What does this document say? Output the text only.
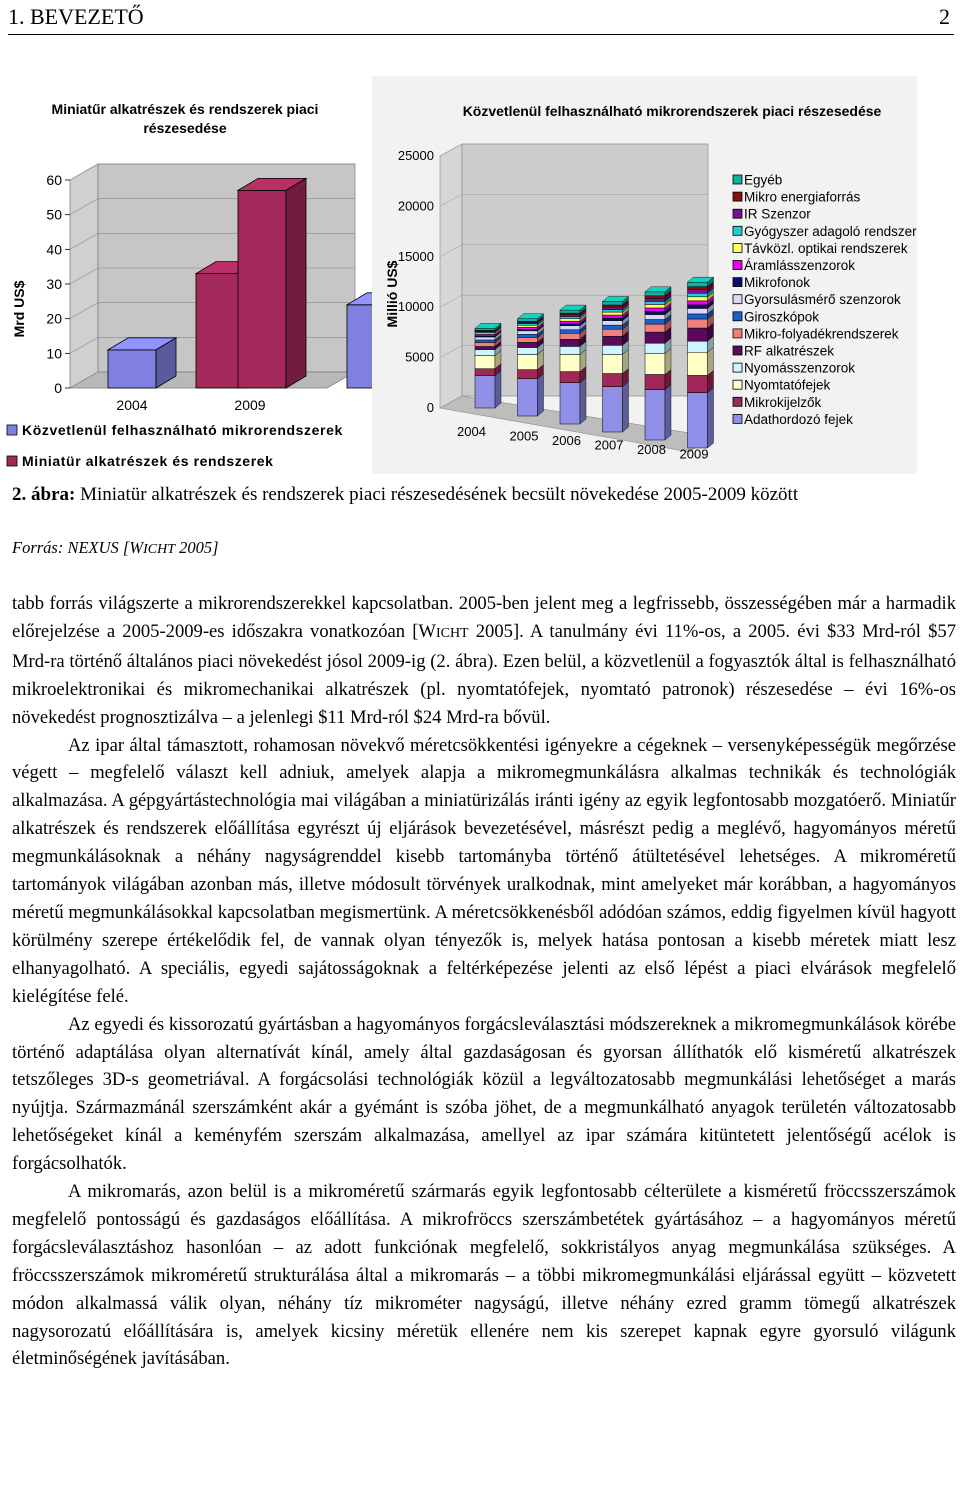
1. BEVEZETŐ	2
Miniatűr alkatrészek és rendszerek piaci
részesedése
Mrd US$
0
10
20
30
40
50
60
2004	2009
Közvetlenül felhasználható mikrorendszerek
Miniatür alkatrészek és rendszerek
Közvetlenül felhasználható mikrorendszerek piaci részesedése
Millió US$
0
5000
10000
15000
20000
25000
2004 2005 2006 2007 2008 2009
Egyéb
Mikro energiaforrás
IR Szenzor
Gyógyszer adagoló rendszer
Távközl. optikai rendszerek
Áramlásszenzorok
Mikrofonok
Gyorsulásmérő szenzorok
Giroszkópok
Mikro-folyadékrendszerek
RF alkatrészek
Nyomásszenzorok
Nyomtatófejek
Mikrokijelzők
Adathordozó fejek
2. ábra: Miniatür alkatrészek és rendszerek piaci részesedésének becsült növekedése 2005-2009 között
Forrás: NEXUS [WICHT 2005]

tabb forrás világszerte a mikrorendszerekkel kapcsolatban. 2005-ben jelent meg a legfrissebb, összességében már a harmadik előrejelzése a 2005-2009-es időszakra vonatkozóan [WICHT 2005]. A tanulmány évi 11%-os, a 2005. évi $33 Mrd-ról $57 Mrd-ra történő általános piaci növekedést jósol 2009-ig (2. ábra). Ezen belül, a közvetlenül a fogyasztók által is felhasználható mikroelektronikai és mikromechanikai alkatrészek (pl. nyomtatófejek, nyomtató patronok) részesedése – évi 16%-os növekedést prognosztizálva – a jelenlegi $11 Mrd-ról $24 Mrd-ra bővül.

Az ipar által támasztott, rohamosan növekvő méretcsökkentési igényekre a cégeknek – versenyképességük megőrzése végett – megfelelő választ kell adniuk, amelyek alapja a mikromegmunkálásra alkalmas technikák és technológiák alkalmazása. A gépgyártástechnológia mai világában a miniatürizálás iránti igény az egyik legfontosabb mozgatóerő. Miniatűr alkatrészek és rendszerek előállítása egyrészt új eljárások bevezetésével, másrészt pedig a meglévő, hagyományos méretű megmunkálásoknak a néhány nagyságrenddel kisebb tartományba történő átültetésével lehetséges. A mikroméretű tartományok világában azonban más, illetve módosult törvények uralkodnak, mint amelyeket már korábban, a hagyományos méretű megmunkálásokkal kapcsolatban megismertünk. A méretcsökkenésből adódóan számos, eddig figyelmen kívül hagyott körülmény szerepe értékelődik fel, de vannak olyan tényezők is, melyek hatása pontosan a kisebb méretek miatt lesz elhanyagolható. A speciális, egyedi sajátosságoknak a feltérképezése jelenti az első lépést a piaci elvárások megfelelő kielégítése felé.

Az egyedi és kissorozatú gyártásban a hagyományos forgácsleválasztási módszereknek a mikromegmunkálások körébe történő adaptálása olyan alternatívát kínál, amely által gazdaságosan és gyorsan állíthatók elő kisméretű alkatrészek tetszőleges 3D-s geometriával. A forgácsolási technológiák közül a legváltozatosabb megmunkálási lehetőséget a marás nyújtja. Származmánál szerszámként akár a gyémánt is szóba jöhet, de a megmunkálható anyagok területén változatosabb lehetőségeket kínál a keményfém szerszám alkalmazása, amellyel az ipar számára kitüntetett jelentőségű acélok is forgácsolhatók.

A mikromarás, azon belül is a mikroméretű szármarás egyik legfontosabb célterülete a kisméretű fröccsszerszámok megfelelő pontosságú és gazdaságos előállítása. A mikrofröccs szerszámbetétek gyártásához – a hagyományos méretű forgácsleválasztáshoz hasonlóan – az adott funkciónak megfelelő, sokkristályos anyag megmunkálása szükséges. A fröccsszerszámok mikroméretű strukturálása által a mikromarás – a többi mikromegmunkálási eljárással együtt – közvetett módon alkalmassá válik olyan, néhány tíz mikrométer nagyságú, illetve néhány ezred gramm tömegű alkatrészek nagysorozatú előállítására is, amelyek kicsiny méretük ellenére nem kis szerepet kapnak egyre gyorsuló világunk életminőségének javításában.
